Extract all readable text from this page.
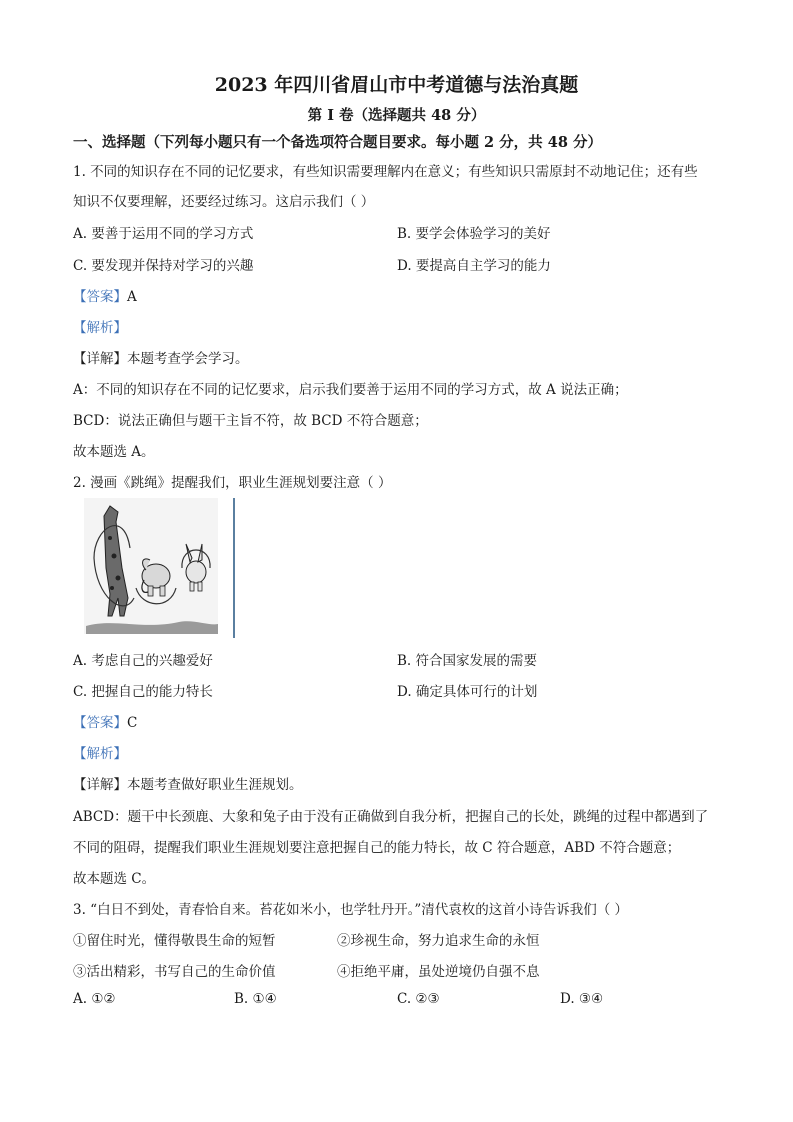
2023 年四川省眉山市中考道德与法治真题
第 I 卷（选择题共 48 分）
一、选择题（下列每小题只有一个备选项符合题目要求。每小题 2 分，共 48 分）
1. 不同的知识存在不同的记忆要求，有些知识需要理解内在意义；有些知识只需原封不动地记住；还有些
知识不仅要理解，还要经过练习。这启示我们（ ）
A. 要善于运用不同的学习方式	B. 要学会体验学习的美好
C. 要发现并保持对学习的兴趣	D. 要提高自主学习的能力
【答案】A
【解析】
【详解】本题考查学会学习。
A：不同的知识存在不同的记忆要求，启示我们要善于运用不同的学习方式，故 A 说法正确；
BCD：说法正确但与题干主旨不符，故 BCD 不符合题意；
故本题选 A。
2. 漫画《跳绳》提醒我们，职业生涯规划要注意（ ）
A. 考虑自己的兴趣爱好	B. 符合国家发展的需要
C. 把握自己的能力特长	D. 确定具体可行的计划
【答案】C
【解析】
【详解】本题考查做好职业生涯规划。
ABCD：题干中长颈鹿、大象和兔子由于没有正确做到自我分析，把握自己的长处，跳绳的过程中都遇到了
不同的阻碍，提醒我们职业生涯规划要注意把握自己的能力特长，故 C 符合题意，ABD 不符合题意；
故本题选 C。
3. “白日不到处，青春恰自来。苔花如米小，也学牡丹开。”清代袁枚的这首小诗告诉我们（ ）
①留住时光，懂得敬畏生命的短暂	②珍视生命，努力追求生命的永恒
③活出精彩，书写自己的生命价值	④拒绝平庸，虽处逆境仍自强不息
A. ①②	B. ①④	C. ②③	D. ③④
